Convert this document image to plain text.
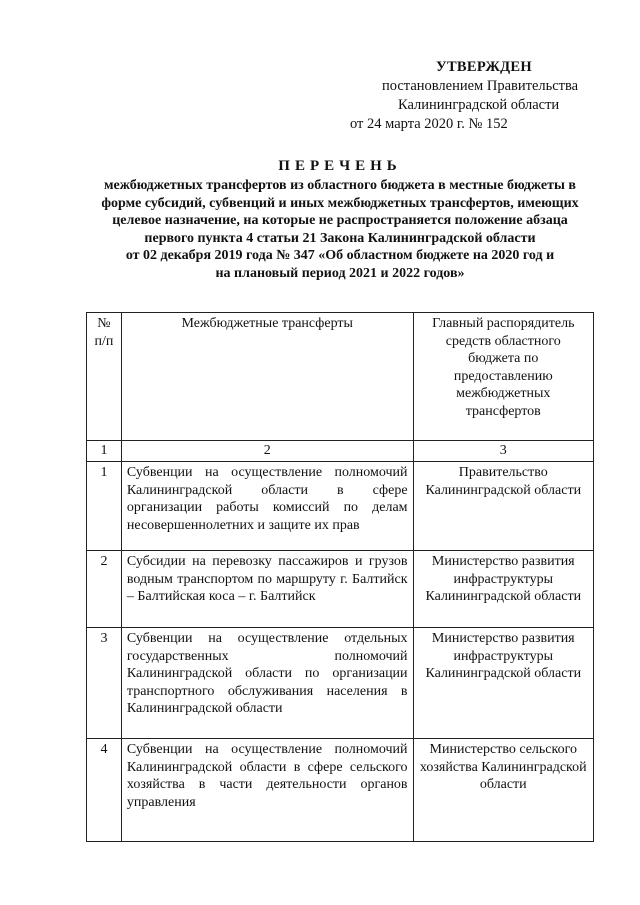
УТВЕРЖДЕН
постановлением Правительства
Калининградской области
от 24 марта 2020 г. № 152
ПЕРЕЧЕНЬ
межбюджетных трансфертов из областного бюджета в местные бюджеты в
форме субсидий, субвенций и иных межбюджетных трансфертов, имеющих
целевое назначение, на которые не распространяется положение абзаца
первого пункта 4 статьи 21 Закона Калининградской области
от 02 декабря 2019 года № 347 «Об областном бюджете на 2020 год и
на плановый период 2021 и 2022 годов»
№ п/п	Межбюджетные трансферты	Главный распорядитель средств областного бюджета по предоставлению межбюджетных трансфертов
1	2	3
1	Субвенции на осуществление полномочий Калининградской области в сфере организации работы комиссий по делам несовершеннолетних и защите их прав	Правительство Калининградской области
2	Субсидии на перевозку пассажиров и грузов водным транспортом по маршруту г. Балтийск – Балтийская коса – г. Балтийск	Министерство развития инфраструктуры Калининградской области
3	Субвенции на осуществление отдельных государственных полномочий Калининградской области по организации транспортного обслуживания населения в Калининградской области	Министерство развития инфраструктуры Калининградской области
4	Субвенции на осуществление полномочий Калининградской области в сфере сельского хозяйства в части деятельности органов управления	Министерство сельского хозяйства Калининградской области
